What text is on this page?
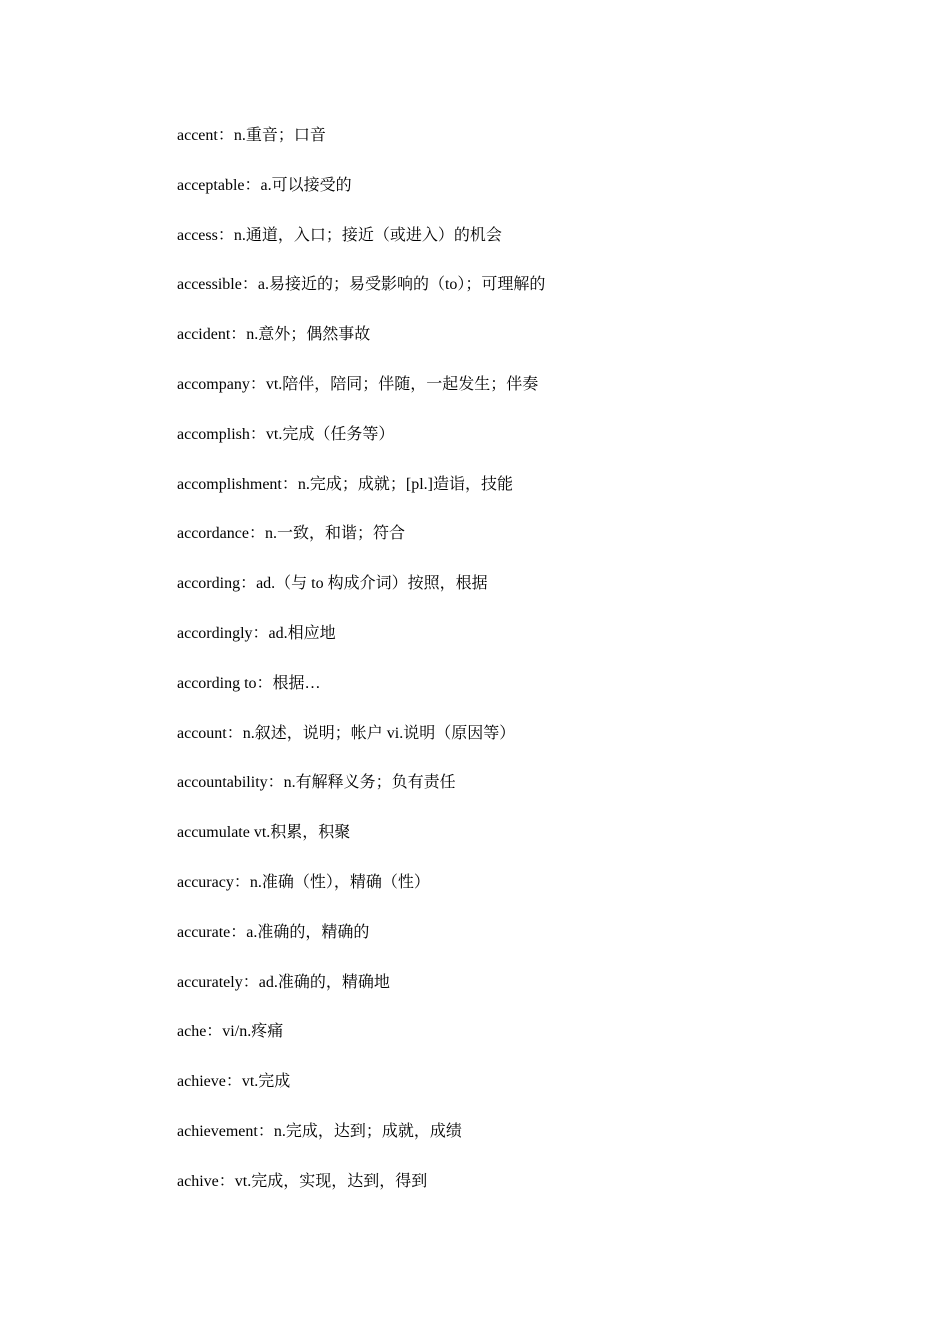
accent：n.重音；口音
acceptable：a.可以接受的
access：n.通道，入口；接近（或进入）的机会
accessible：a.易接近的；易受影响的（to）；可理解的
accident：n.意外；偶然事故
accompany：vt.陪伴，陪同；伴随，一起发生；伴奏
accomplish：vt.完成（任务等）
accomplishment：n.完成；成就；[pl.]造诣，技能
accordance：n.一致，和谐；符合
according：ad.（与 to 构成介词）按照，根据
accordingly：ad.相应地
according to：根据…
account：n.叙述，说明；帐户 vi.说明（原因等）
accountability：n.有解释义务；负有责任
accumulate vt.积累，积聚
accuracy：n.准确（性），精确（性）
accurate：a.准确的，精确的
accurately：ad.准确的，精确地
ache：vi/n.疼痛
achieve：vt.完成
achievement：n.完成，达到；成就，成绩
achive：vt.完成，实现，达到，得到
